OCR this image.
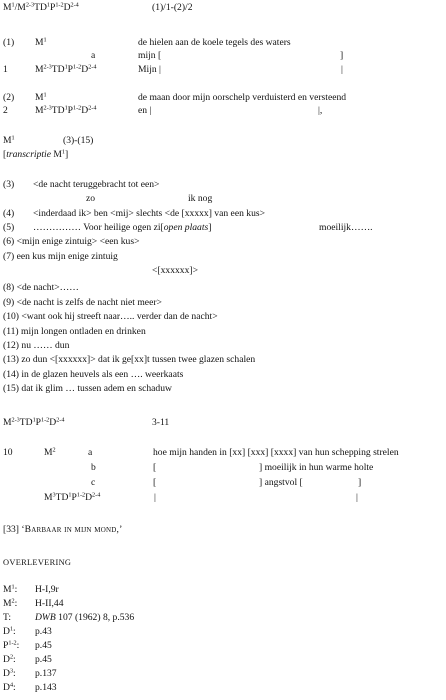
$M^1/M^{2-3}TD^1P^{1-2}D^{2-4}$	(1)/1-(2)/2
(1) $M^1$	de hielen aan de koele tegels des waters
a	mijn [	]
1	$M^{2-3}TD^1P^{1-2}D^{2-4}$	Mijn |	|
(2) $M^1$	de maan door mijn oorschelp verduisterd en versteend
2	$M^{2-3}TD^1P^{1-2}D^{2-4}$	en |	|,
$M^1$	(3)-(15)
[transcriptie $M^1$]
(3) <de nacht teruggebracht tot een>
zo	ik nog
(4) <inderdaad ik> ben <mij> slechts <de [xxxxx] van een kus>
(5) …………… Voor heilige ogen zi[open plaats]	moeilijk…….
(6) <mijn enige zintuig> <een kus>
(7) een kus mijn enige zintuig
<[xxxxxx]>
(8) <de nacht>……
(9) <de nacht is zelfs de nacht niet meer>
(10) <want ook hij streeft naar….. verder dan de nacht>
(11) mijn longen ontladen en drinken
(12) nu …… dun
(13) zo dun <[xxxxxx]> dat ik ge[xx]t tussen twee glazen schalen
(14) in de glazen heuvels als een …. weerkaats
(15) dat ik glim … tussen adem en schaduw
$M^{2-3}TD^1P^{1-2}D^{2-4}$	3-11
10	$M^2$	a	hoe mijn handen in [xx] [xxx] [xxxx] van hun schepping strelen
b	[	] moeilijk in hun warme holte
c	[	] angstvol [	]
$M^3TD^1P^{1-2}D^{2-4}$	|	|
[33] ‘Barbaar in mijn mond,’
OVERLEVERING
$M^1$: H-I,9r
$M^2$: H-II,44
T: DWB 107 (1962) 8, p.536
$D^1$: p.43
$P^{1-2}$: p.45
$D^2$: p.45
$D^3$: p.137
$D^4$: p.143
